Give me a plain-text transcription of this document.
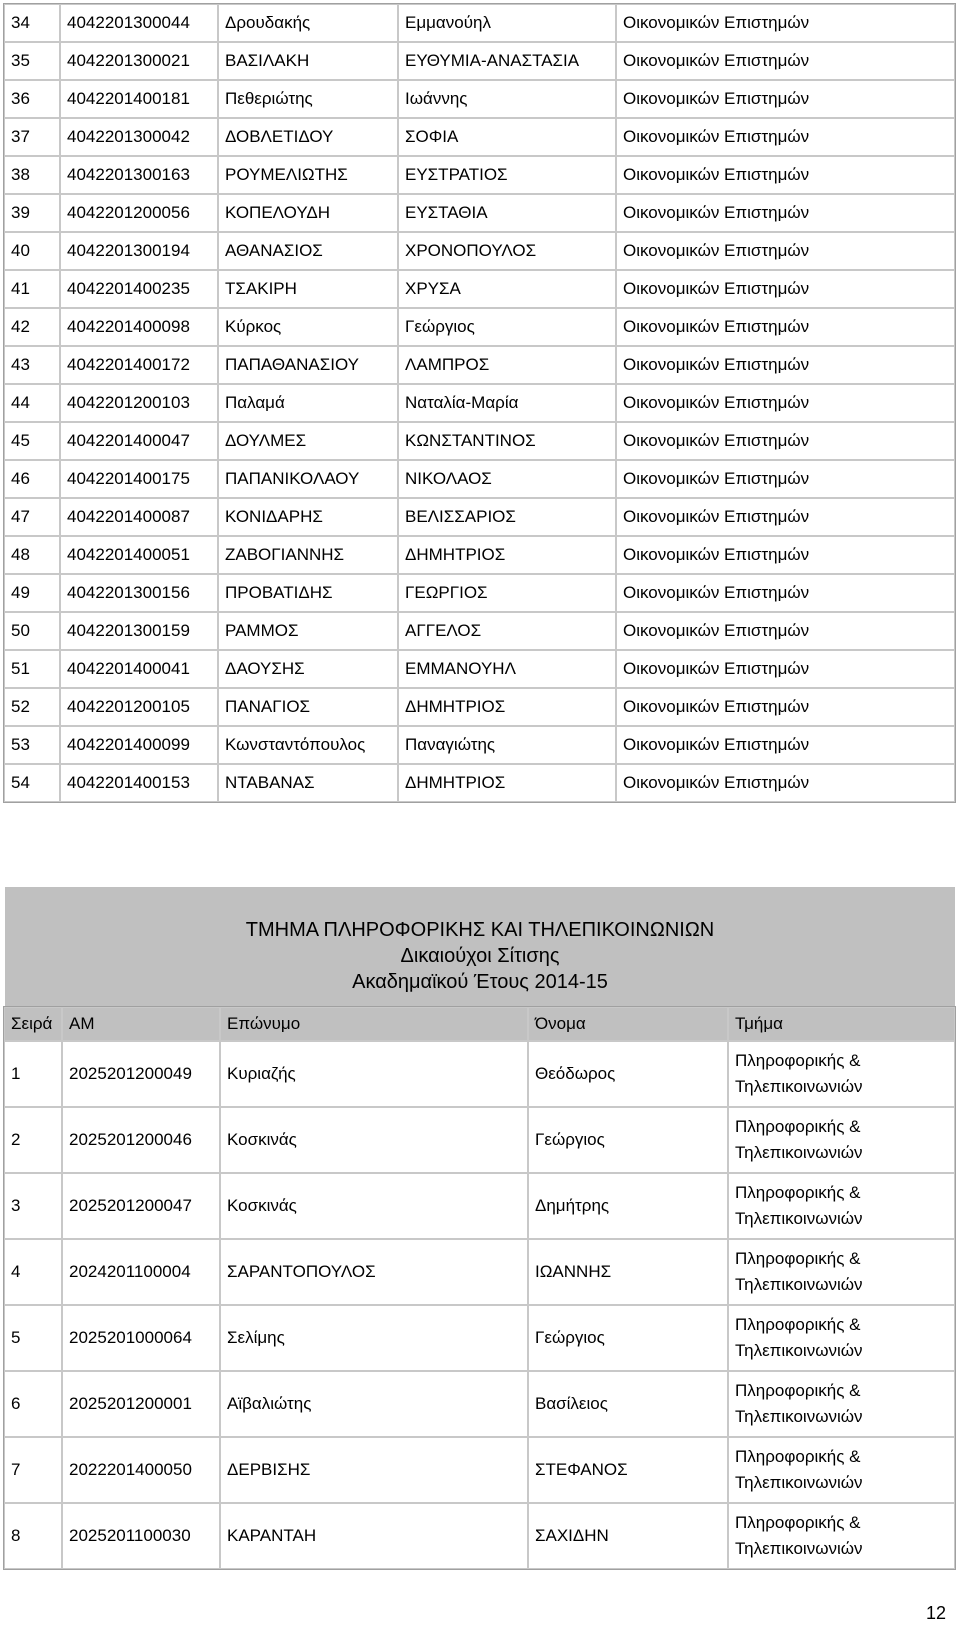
34	4042201300044	Δρουδακής	Εμμανούηλ	Οικονομικών Επιστημών
35	4042201300021	ΒΑΣΙΛΑΚΗ	ΕΥΘΥΜΙΑ-ΑΝΑΣΤΑΣΙΑ	Οικονομικών Επιστημών
36	4042201400181	Πεθεριώτης	Ιωάννης	Οικονομικών Επιστημών
37	4042201300042	ΔΟΒΛΕΤΙΔΟΥ	ΣΟΦΙΑ	Οικονομικών Επιστημών
38	4042201300163	ΡΟΥΜΕΛΙΩΤΗΣ	ΕΥΣΤΡΑΤΙΟΣ	Οικονομικών Επιστημών
39	4042201200056	ΚΟΠΕΛΟΥΔΗ	ΕΥΣΤΑΘΙΑ	Οικονομικών Επιστημών
40	4042201300194	ΑΘΑΝΑΣΙΟΣ	ΧΡΟΝΟΠΟΥΛΟΣ	Οικονομικών Επιστημών
41	4042201400235	ΤΣΑΚΙΡΗ	ΧΡΥΣΑ	Οικονομικών Επιστημών
42	4042201400098	Κύρκος	Γεώργιος	Οικονομικών Επιστημών
43	4042201400172	ΠΑΠΑΘΑΝΑΣΙΟΥ	ΛΑΜΠΡΟΣ	Οικονομικών Επιστημών
44	4042201200103	Παλαμά	Ναταλία-Μαρία	Οικονομικών Επιστημών
45	4042201400047	ΔΟΥΛΜΕΣ	ΚΩΝΣΤΑΝΤΙΝΟΣ	Οικονομικών Επιστημών
46	4042201400175	ΠΑΠΑΝΙΚΟΛΑΟΥ	ΝΙΚΟΛΑΟΣ	Οικονομικών Επιστημών
47	4042201400087	ΚΟΝΙΔΑΡΗΣ	ΒΕΛΙΣΣΑΡΙΟΣ	Οικονομικών Επιστημών
48	4042201400051	ΖΑΒΟΓΙΑΝΝΗΣ	ΔΗΜΗΤΡΙΟΣ	Οικονομικών Επιστημών
49	4042201300156	ΠΡΟΒΑΤΙΔΗΣ	ΓΕΩΡΓΙΟΣ	Οικονομικών Επιστημών
50	4042201300159	ΡΑΜΜΟΣ	ΑΓΓΕΛΟΣ	Οικονομικών Επιστημών
51	4042201400041	ΔΑΟΥΣΗΣ	ΕΜΜΑΝΟΥΗΛ	Οικονομικών Επιστημών
52	4042201200105	ΠΑΝΑΓΙΟΣ	ΔΗΜΗΤΡΙΟΣ	Οικονομικών Επιστημών
53	4042201400099	Κωνσταντόπουλος	Παναγιώτης	Οικονομικών Επιστημών
54	4042201400153	ΝΤΑΒΑΝΑΣ	ΔΗΜΗΤΡΙΟΣ	Οικονομικών Επιστημών
ΤΜΗΜΑ ΠΛΗΡΟΦΟΡΙΚΗΣ ΚΑΙ ΤΗΛΕΠΙΚΟΙΝΩΝΙΩΝ
Δικαιούχοι Σίτισης
Ακαδημαϊκού Έτους 2014-15
Σειρά	ΑΜ	Επώνυμο	Όνομα	Τμήμα
1	2025201200049	Κυριαζής	Θεόδωρος	Πληροφορικής &
Τηλεπικοινωνιών

2	2025201200046	Κοσκινάς	Γεώργιος	Πληροφορικής &
Τηλεπικοινωνιών

3	2025201200047	Κοσκινάς	Δημήτρης	Πληροφορικής &
Τηλεπικοινωνιών

4	2024201100004	ΣΑΡΑΝΤΟΠΟΥΛΟΣ	ΙΩΑΝΝΗΣ	Πληροφορικής &
Τηλεπικοινωνιών

5	2025201000064	Σελίμης	Γεώργιος	Πληροφορικής &
Τηλεπικοινωνιών

6	2025201200001	Αϊβαλιώτης	Βασίλειος	Πληροφορικής &
Τηλεπικοινωνιών

7	2022201400050	ΔΕΡΒΙΣΗΣ	ΣΤΕΦΑΝΟΣ	Πληροφορικής &
Τηλεπικοινωνιών

8	2025201100030	ΚΑΡΑΝΤΑΗ	ΣΑΧΙΔΗΝ	Πληροφορικής &
Τηλεπικοινωνιών
12
